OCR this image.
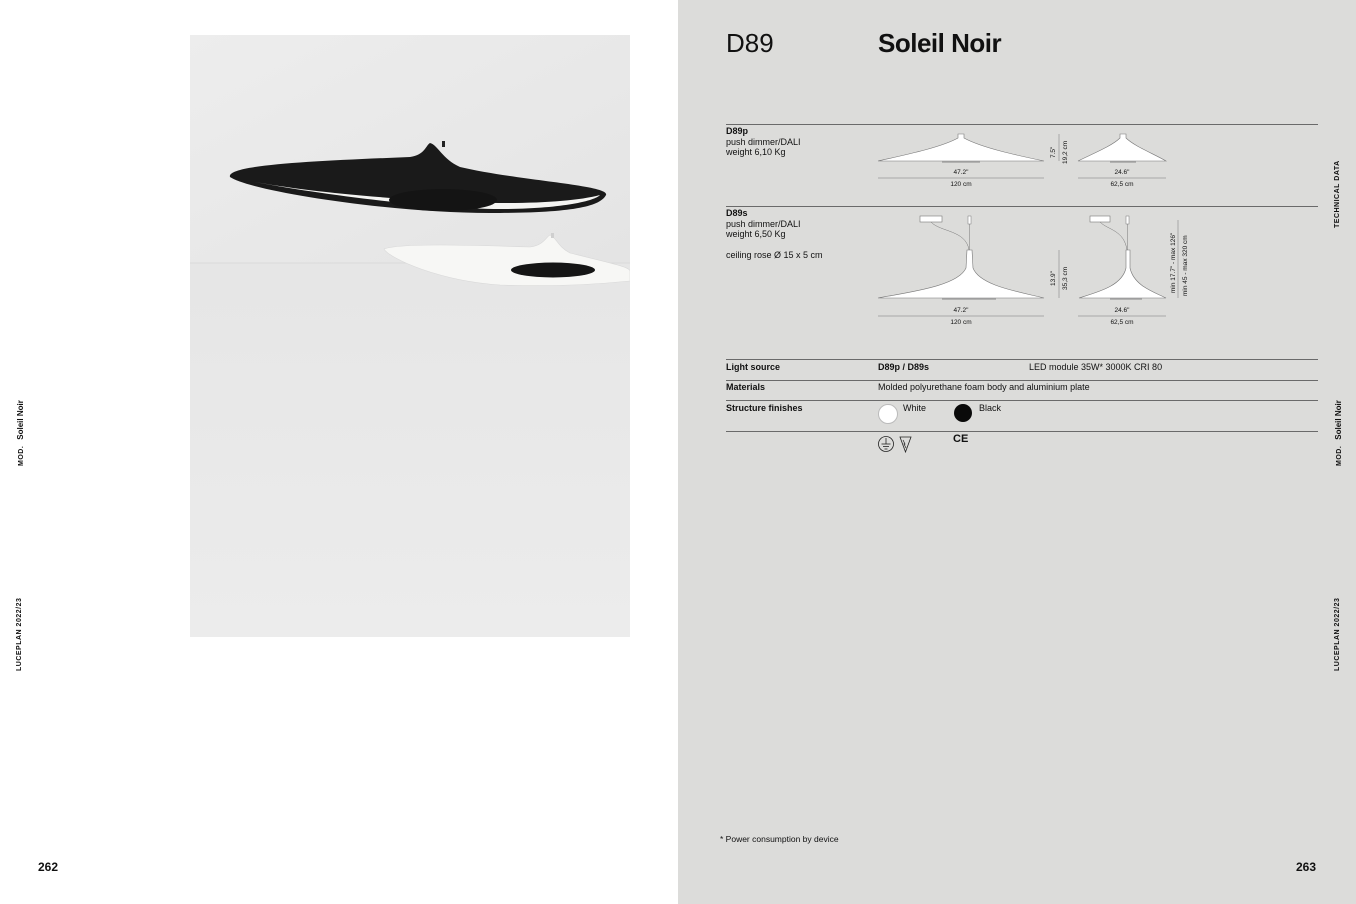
MOD.Soleil Noir
LUCEPLAN 2022/23
262
D89	Soleil Noir
D89p
push dimmer/DALI
weight 6,10 Kg
47.2"
120 cm
7.5" 19,2 cm
24.6"
62,5 cm
D89s
push dimmer/DALI
weight 6,50 Kg
ceiling rose Ø 15 x 5 cm
47.2"
120 cm
13.9" 35,3 cm
24.6"
62,5 cm
min 17.7" - max 126" min 45 - max 320 cm
Light source	D89p / D89s	LED module 35W* 3000K CRI 80
Materials	Molded polyurethane foam body and aluminium plate
Structure finishes	White	Black
CE
* Power consumption by device
TECHNICAL DATA
MOD.Soleil Noir
LUCEPLAN 2022/23
263
